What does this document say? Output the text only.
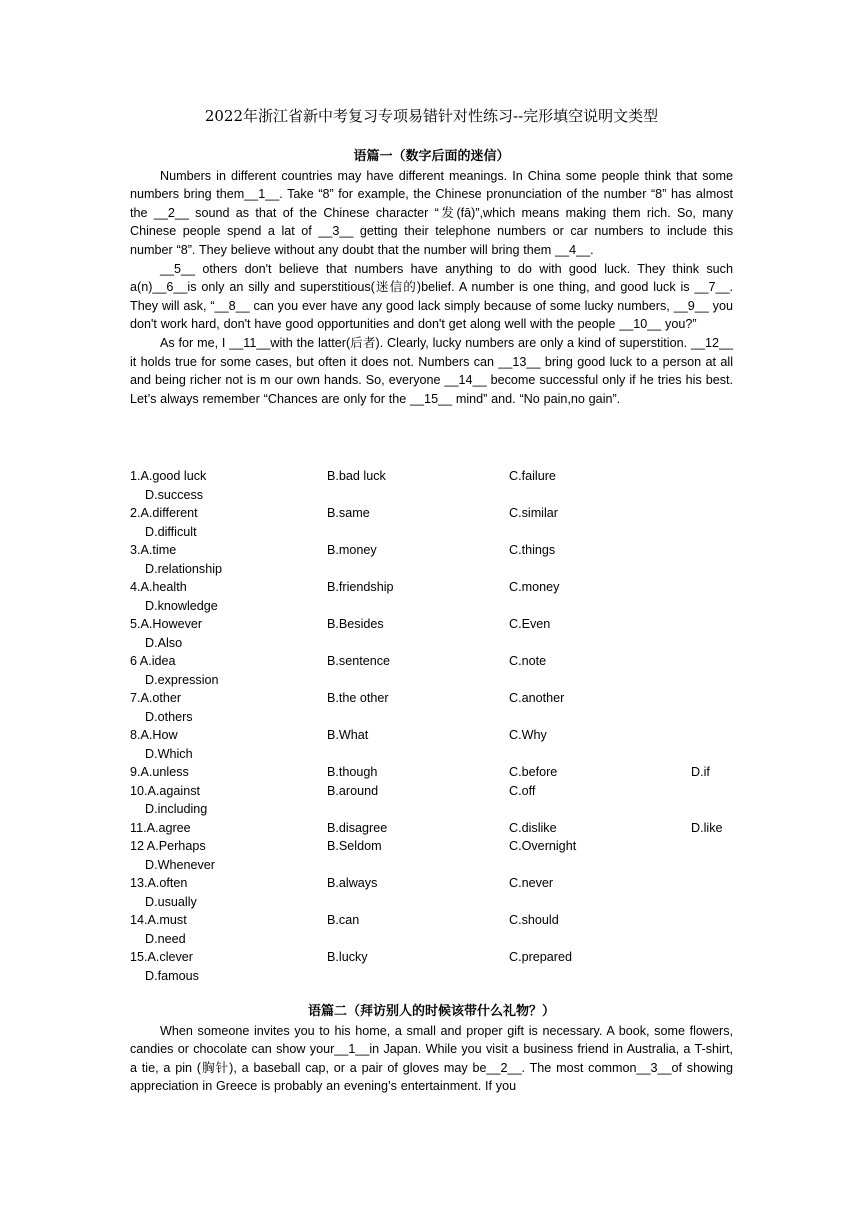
2022年浙江省新中考复习专项易错针对性练习--完形填空说明文类型
语篇一（数字后面的迷信）

Numbers in different countries may have different meanings. In China some people think that some numbers bring them__1__. Take “8” for example, the Chinese pronunciation of the number “8” has almost the __2__ sound as that of the Chinese character “发(fā)”,which means making them rich. So, many Chinese people spend a lat of __3__ getting their telephone numbers or car numbers to include this number “8”. They believe without any doubt that the number will bring them __4__.

__5__ others don't believe that numbers have anything to do with good luck. They think such a(n)__6__is only an silly and superstitious(迷信的)belief. A number is one thing, and good luck is __7__. They will ask, “__8__ can you ever have any good lack simply because of some lucky numbers, __9__ you don't work hard, don't have good opportunities and don't get along well with the people __10__ you?”

As for me, I __11__with the latter(后者). Clearly, lucky numbers are only a kind of superstition. __12__ it holds true for some cases, but often it does not. Numbers can __13__ bring good luck to a person at all and being richer not is m our own hands. So, everyone __14__ become successful only if he tries his best. Let’s always remember “Chances are only for the __15__ mind” and. “No pain,no gain”.

1.A.good luck	B.bad luck	C.failure
D.success
2.A.different	B.same	C.similar
D.difficult
3.A.time	B.money	C.things
D.relationship
4.A.health	B.friendship	C.money
D.knowledge
5.A.However	B.Besides	C.Even
D.Also
6 A.idea	B.sentence	C.note
D.expression
7.A.other	B.the other	C.another
D.others
8.A.How	B.What	C.Why
D.Which
9.A.unless	B.though	C.before	D.if
10.A.against	B.around	C.off
D.including
11.A.agree	B.disagree	C.dislike	D.like
12 A.Perhaps	B.Seldom	C.Overnight
D.Whenever
13.A.often	B.always	C.never
D.usually
14.A.must	B.can	C.should
D.need
15.A.clever	B.lucky	C.prepared
D.famous
语篇二（拜访别人的时候该带什么礼物？）

When someone invites you to his home, a small and proper gift is necessary. A book, some flowers, candies or chocolate can show your__1__in Japan. While you visit a business friend in Australia, a T-shirt, a tie, a pin (胸针), a baseball cap, or a pair of gloves may be__2__. The most common__3__of showing appreciation in Greece is probably an evening’s entertainment. If you
